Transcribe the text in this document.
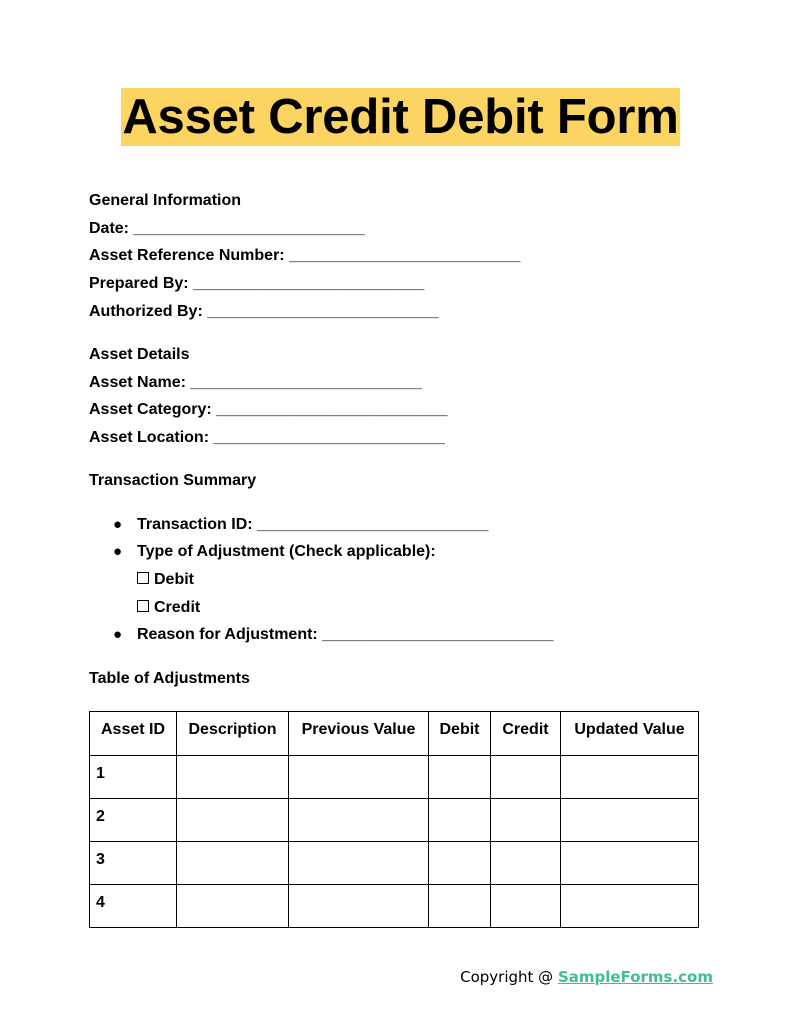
Asset Credit Debit Form
General Information
Date: __________________________
Asset Reference Number: __________________________
Prepared By: __________________________
Authorized By: __________________________
Asset Details
Asset Name: __________________________
Asset Category: __________________________
Asset Location: __________________________
Transaction Summary
● Transaction ID: __________________________
● Type of Adjustment (Check applicable):
Debit
Credit
● Reason for Adjustment: __________________________
Table of Adjustments
Asset ID	Description	Previous Value	Debit	Credit	Updated Value
1					
2					
3					
4					
Copyright @ SampleForms.com
